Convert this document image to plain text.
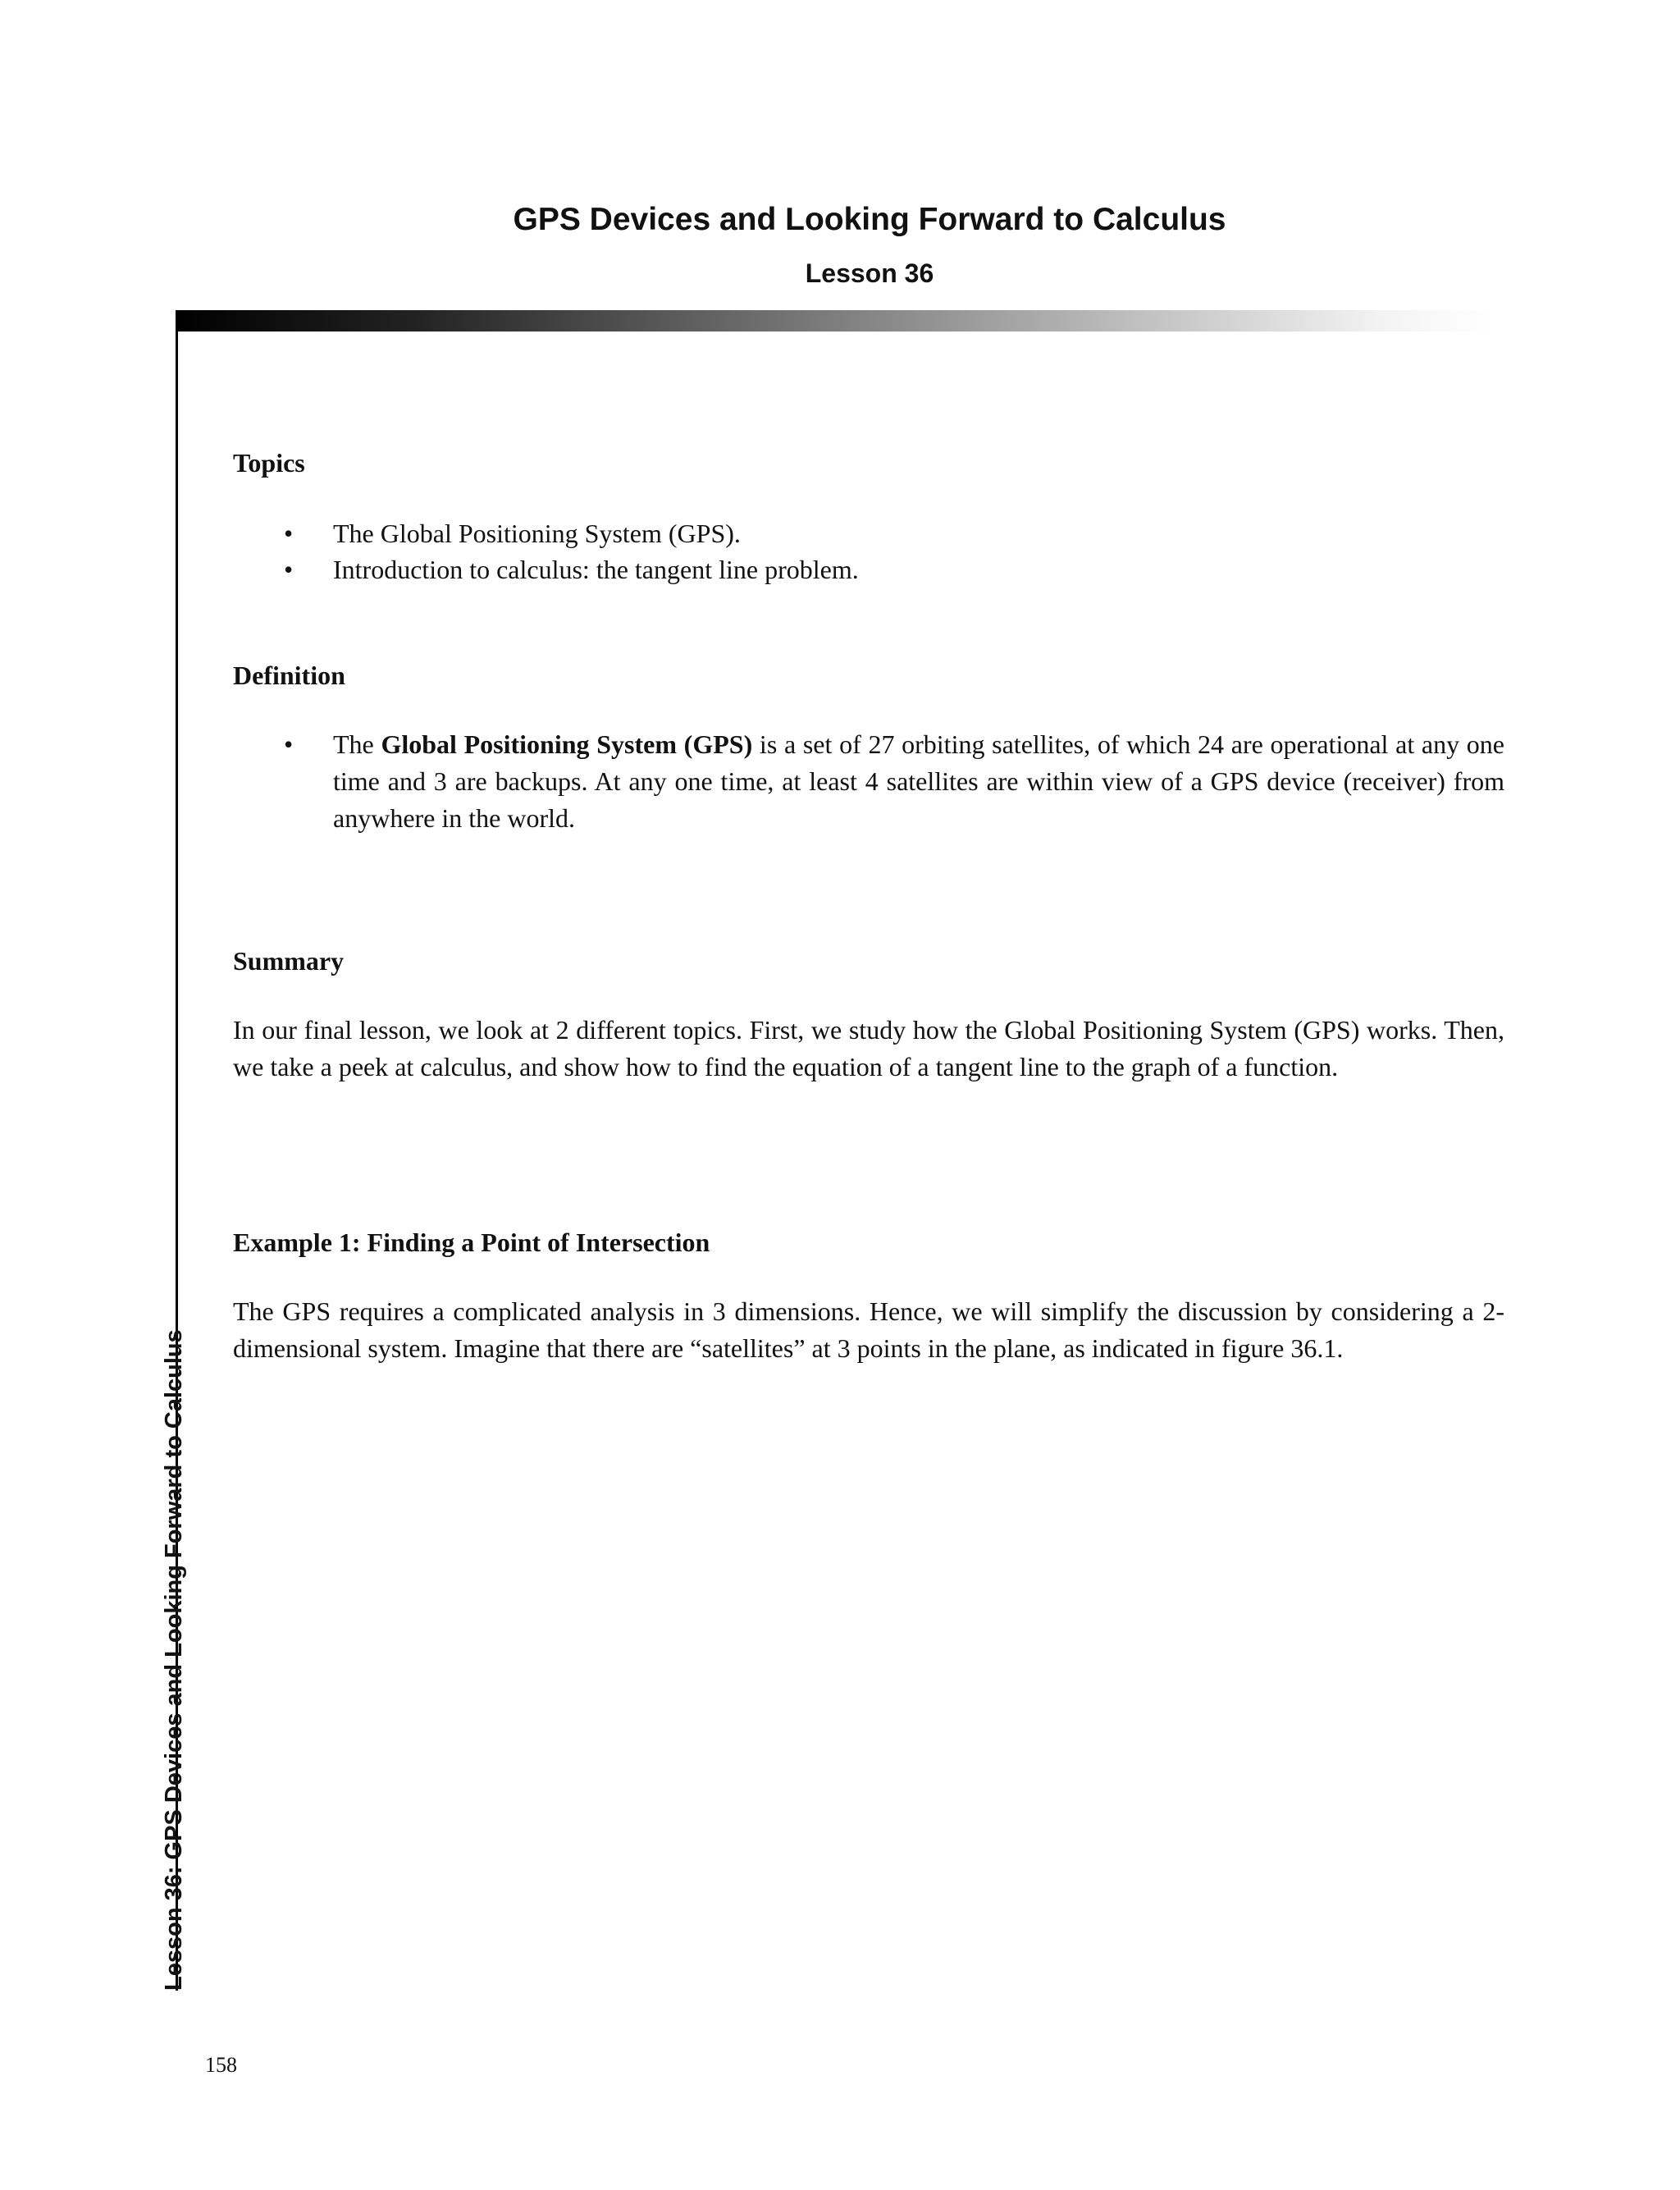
GPS Devices and Looking Forward to Calculus
Lesson 36
Lesson 36: GPS Devices and Looking Forward to Calculus
Topics
• The Global Positioning System (GPS).
• Introduction to calculus: the tangent line problem.
Definition
• The Global Positioning System (GPS) is a set of 27 orbiting satellites, of which 24 are operational at any one time and 3 are backups. At any one time, at least 4 satellites are within view of a GPS device (receiver) from anywhere in the world.
Summary

In our final lesson, we look at 2 different topics. First, we study how the Global Positioning System (GPS) works. Then, we take a peek at calculus, and show how to find the equation of a tangent line to the graph of a function.

Example 1: Finding a Point of Intersection

The GPS requires a complicated analysis in 3 dimensions. Hence, we will simplify the discussion by considering a 2-dimensional system. Imagine that there are “satellites” at 3 points in the plane, as indicated in figure 36.1.

158
